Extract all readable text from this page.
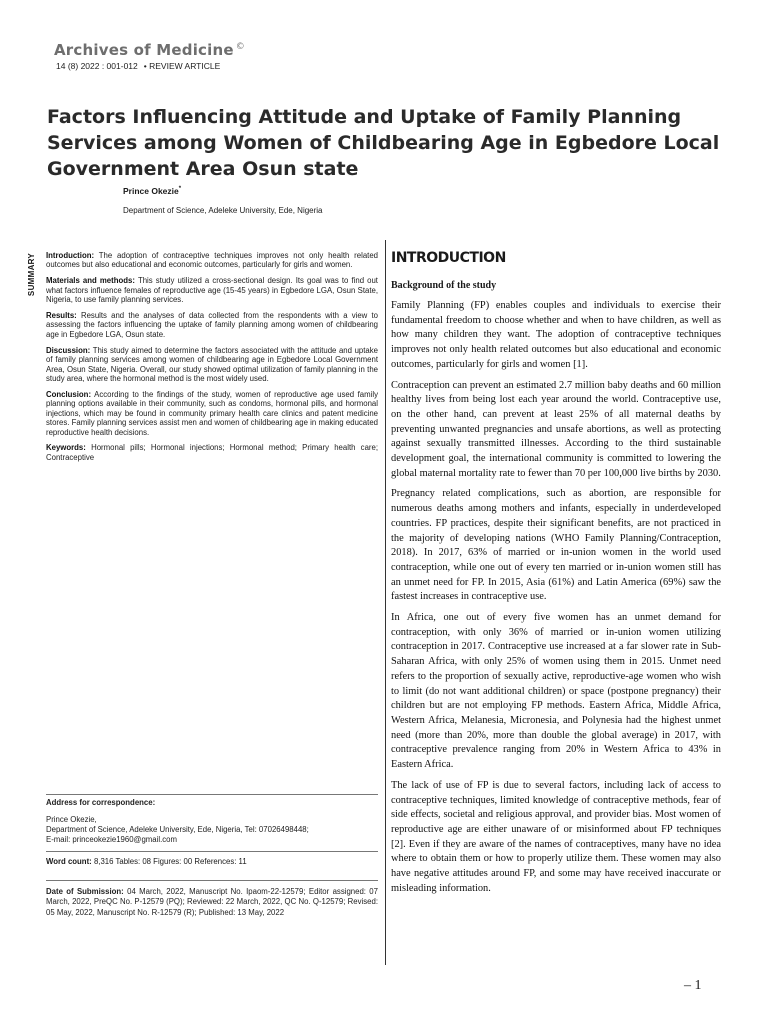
Archives of Medicine ©
14 (8) 2022 : 001-012 • REVIEW ARTICLE
Factors Influencing Attitude and Uptake of Family Planning Services among Women of Childbearing Age in Egbedore Local Government Area Osun state
Prince Okezie*
Department of Science, Adeleke University, Ede, Nigeria
SUMMARY Introduction: The adoption of contraceptive techniques improves not only health related outcomes but also educational and economic outcomes, particularly for girls and women.

Materials and methods: This study utilized a cross-sectional design. Its goal was to find out what factors influence females of reproductive age (15-45 years) in Egbedore LGA, Osun State, Nigeria, to use family planning services.

Results: Results and the analyses of data collected from the respondents with a view to assessing the factors influencing the uptake of family planning among women of childbearing age in Egbedore LGA, Osun state.

Discussion: This study aimed to determine the factors associated with the attitude and uptake of family planning services among women of childbearing age in Egbedore Local Government Area, Osun State, Nigeria. Overall, our study showed optimal utilization of family planning in the study area, where the hormonal method is the most widely used.

Conclusion: According to the findings of the study, women of reproductive age used family planning options available in their community, such as condoms, hormonal pills, and hormonal injections, which may be found in community primary health care clinics and patent medicine stores. Family planning services assist men and women of childbearing age in making educated reproductive health decisions.

Keywords: Hormonal pills; Hormonal injections; Hormonal method; Primary health care; Contraceptive

Address for correspondence:
Prince Okezie,
Department of Science, Adeleke University, Ede, Nigeria, Tel: 07026498448;
E-mail: princeokezie1960@gmail.com
Word count: 8,316 Tables: 08 Figures: 00 References: 11
Date of Submission: 04 March, 2022, Manuscript No. Ipaom-22-12579; Editor assigned: 07 March, 2022, PreQC No. P-12579 (PQ); Reviewed: 22 March, 2022, QC No. Q-12579; Revised: 05 May, 2022, Manuscript No. R-12579 (R); Published: 13 May, 2022
INTRODUCTION
Background of the study

Family Planning (FP) enables couples and individuals to exercise their fundamental freedom to choose whether and when to have children, as well as how many children they want. The adoption of contraceptive techniques improves not only health related outcomes but also educational and economic outcomes, particularly for girls and women [1].

Contraception can prevent an estimated 2.7 million baby deaths and 60 million healthy lives from being lost each year around the world. Contraceptive use, on the other hand, can prevent at least 25% of all maternal deaths by preventing unwanted pregnancies and unsafe abortions, as well as protecting against sexually transmitted illnesses. According to the third sustainable development goal, the international community is committed to lowering the global maternal mortality rate to fewer than 70 per 100,000 live births by 2030.

Pregnancy related complications, such as abortion, are responsible for numerous deaths among mothers and infants, especially in underdeveloped countries. FP practices, despite their significant benefits, are not practiced in the majority of developing nations (WHO Family Planning/Contraception, 2018). In 2017, 63% of married or in-union women in the world used contraception, while one out of every ten married or in-union women still has an unmet need for FP. In 2015, Asia (61%) and Latin America (69%) saw the fastest increases in contraceptive use.

In Africa, one out of every five women has an unmet demand for contraception, with only 36% of married or in-union women utilizing contraception in 2017. Contraceptive use increased at a far slower rate in Sub-Saharan Africa, with only 25% of women using them in 2015. Unmet need refers to the proportion of sexually active, reproductive-age women who wish to limit (do not want additional children) or space (postpone pregnancy) their children but are not employing FP methods. Eastern Africa, Middle Africa, Western Africa, Melanesia, Micronesia, and Polynesia had the highest unmet need (more than 20%, more than double the global average) in 2017, with contraceptive prevalence ranging from 20% in Western Africa to 43% in Eastern Africa.

The lack of use of FP is due to several factors, including lack of access to contraceptive techniques, limited knowledge of contraceptive methods, fear of side effects, societal and religious approval, and provider bias. Most women of reproductive age are either unaware of or misinformed about FP techniques [2]. Even if they are aware of the names of contraceptives, many have no idea where to obtain them or how to properly utilize them. These women may also have negative attitudes around FP, and some may have received inaccurate or misleading information.

– 1
